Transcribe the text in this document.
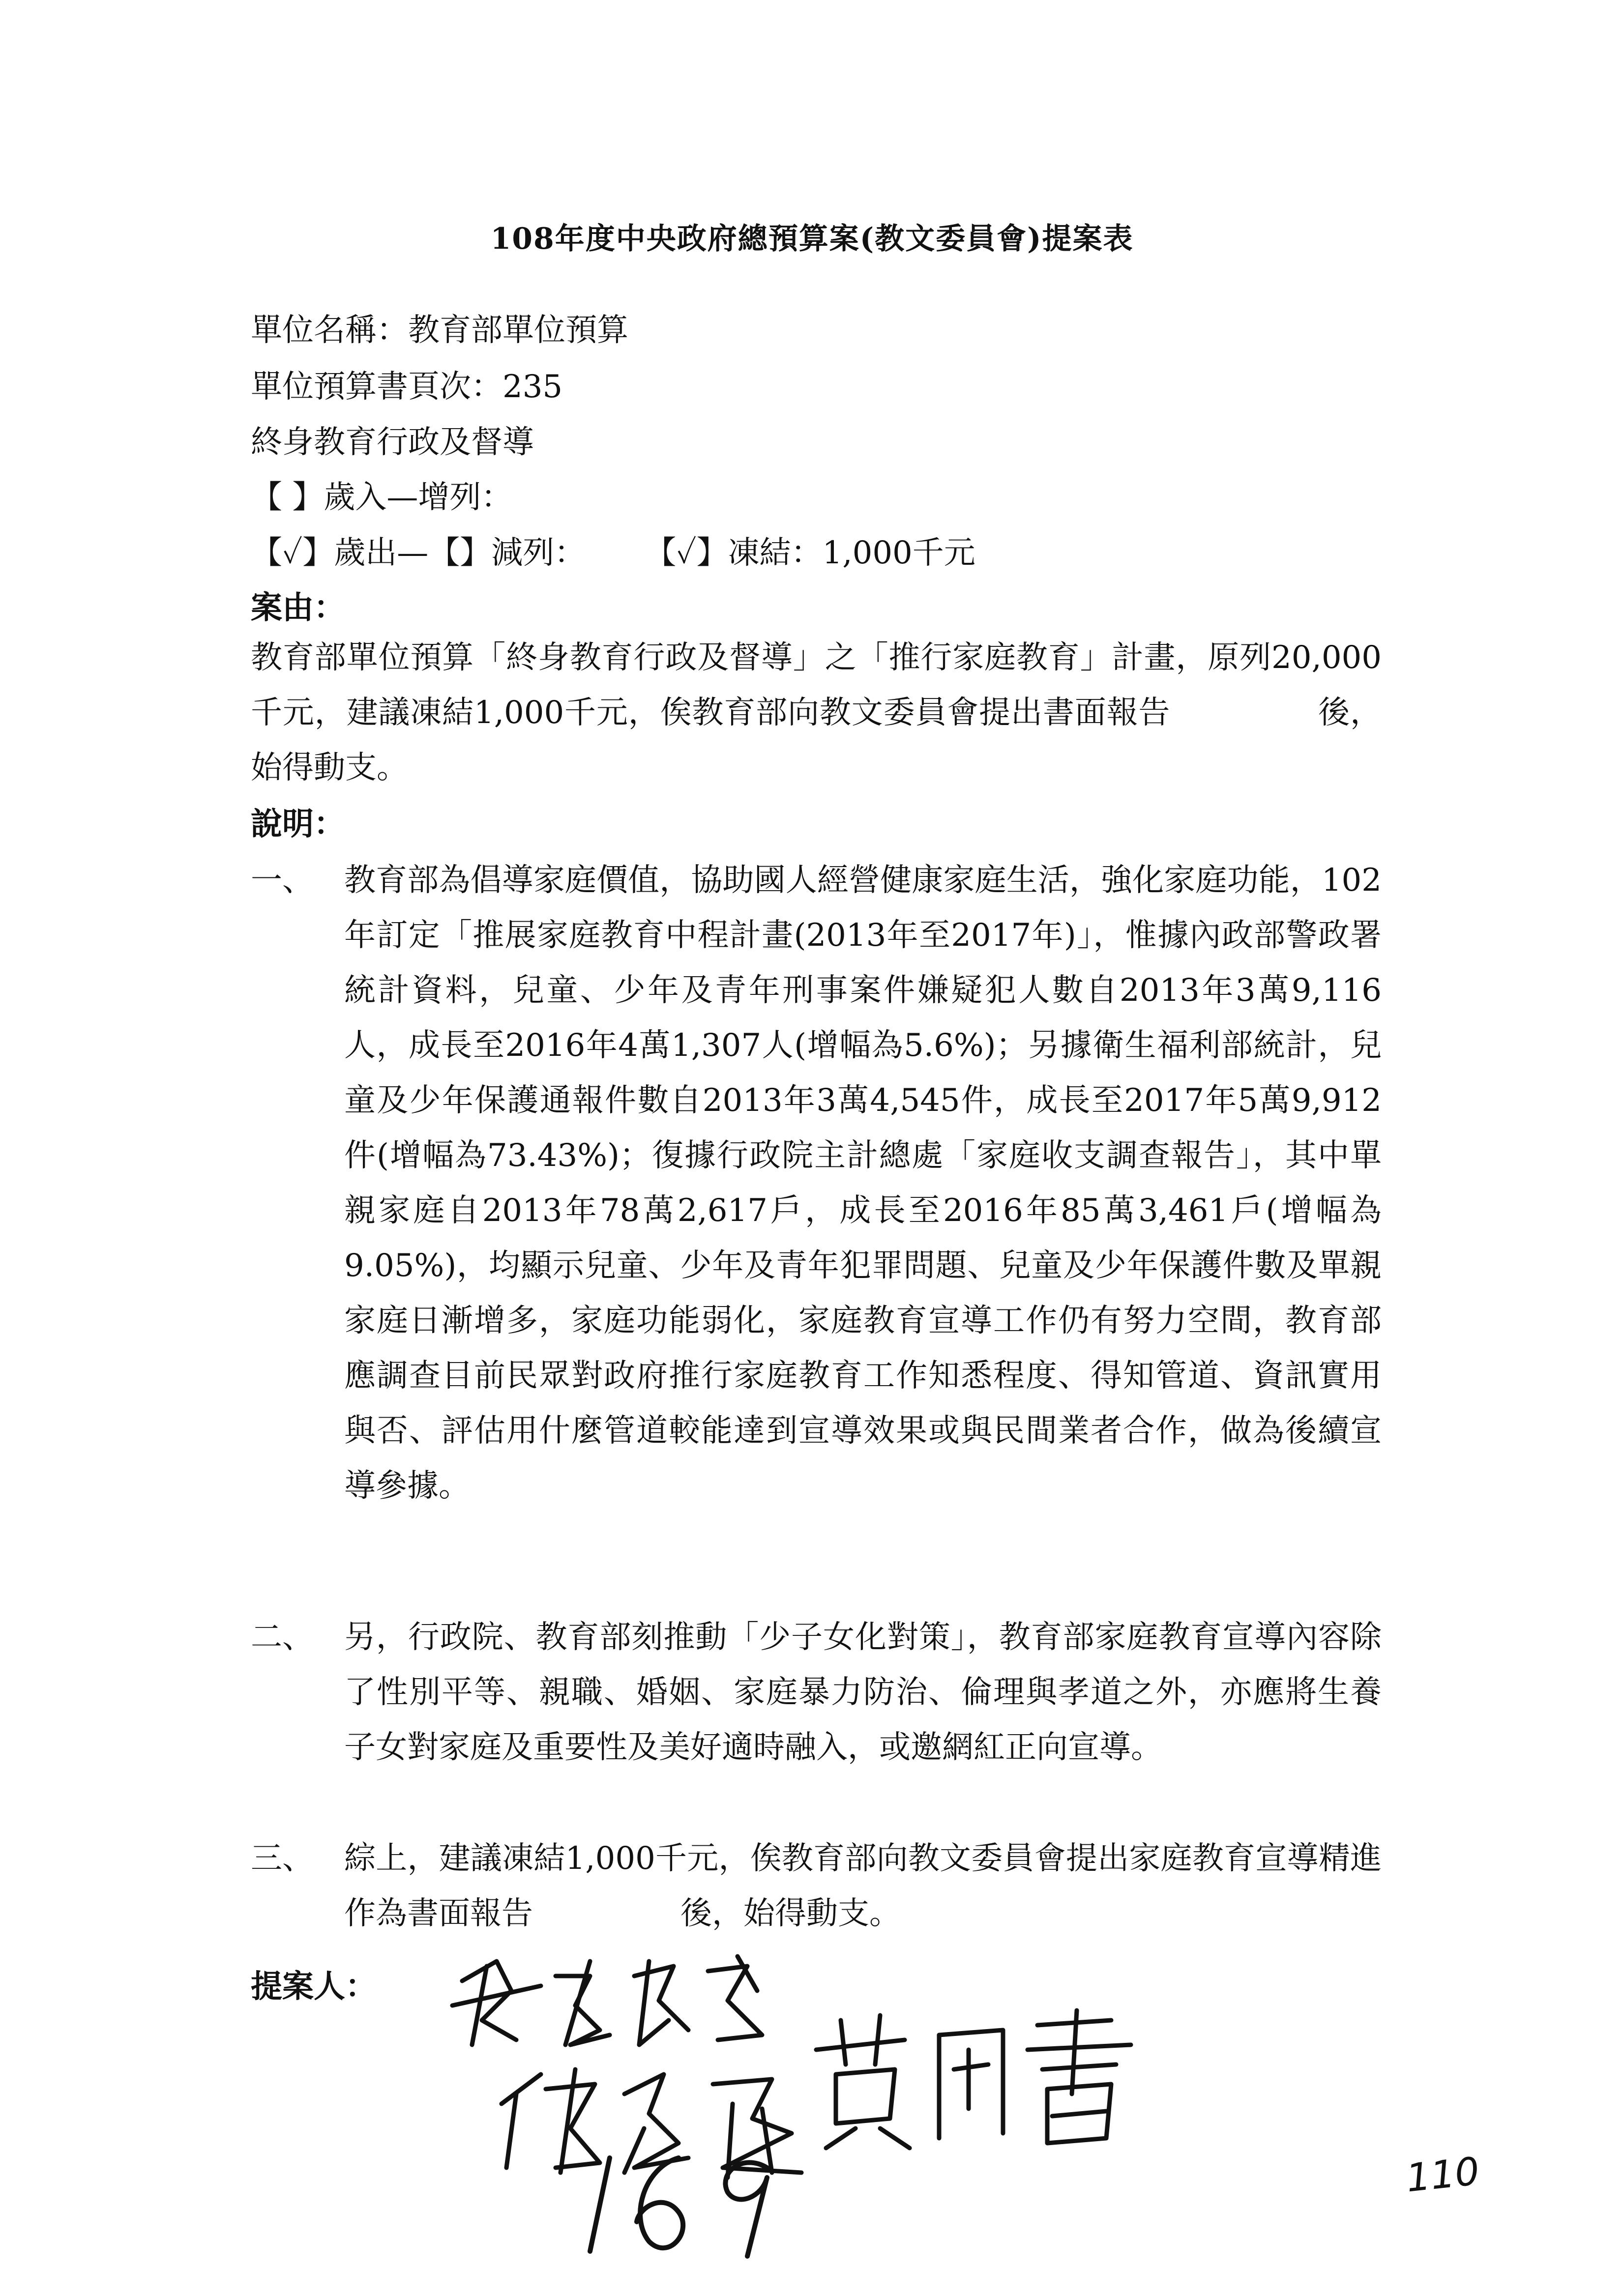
108年度中央政府總預算案(教文委員會)提案表
單位名稱：教育部單位預算
單位預算書頁次：235
終身教育行政及督導
【 】歲入—增列：
【✓】歲出—【】減列： 【✓】凍結：1,000千元
案由：
教育部單位預算「終身教育行政及督導」之「推行家庭教育」計畫，原列20,000千元，建議凍結1,000千元，俟教育部向教文委員會提出書面報告	後，始得動支。
說明：
一、 教育部為倡導家庭價值，協助國人經營健康家庭生活，強化家庭功能，102年訂定「推展家庭教育中程計畫(2013年至2017年)」，惟據內政部警政署統計資料，兒童、少年及青年刑事案件嫌疑犯人數自2013年3萬9,116人，成長至2016年4萬1,307人(增幅為5.6%)；另據衛生福利部統計，兒童及少年保護通報件數自2013年3萬4,545件，成長至2017年5萬9,912件(增幅為73.43%)；復據行政院主計總處「家庭收支調查報告」，其中單親家庭自2013年78萬2,617戶，成長至2016年85萬3,461戶(增幅為9.05%)，均顯示兒童、少年及青年犯罪問題、兒童及少年保護件數及單親家庭日漸增多，家庭功能弱化，家庭教育宣導工作仍有努力空間，教育部應調查目前民眾對政府推行家庭教育工作知悉程度、得知管道、資訊實用與否、評估用什麼管道較能達到宣導效果或與民間業者合作，做為後續宣導參據。
二、 另，行政院、教育部刻推動「少子女化對策」，教育部家庭教育宣導內容除了性別平等、親職、婚姻、家庭暴力防治、倫理與孝道之外，亦應將生養子女對家庭及重要性及美好適時融入，或邀網紅正向宣導。
三、 綜上，建議凍結1,000千元，俟教育部向教文委員會提出家庭教育宣導精進作為書面報告	後，始得動支。
提案人：
110
